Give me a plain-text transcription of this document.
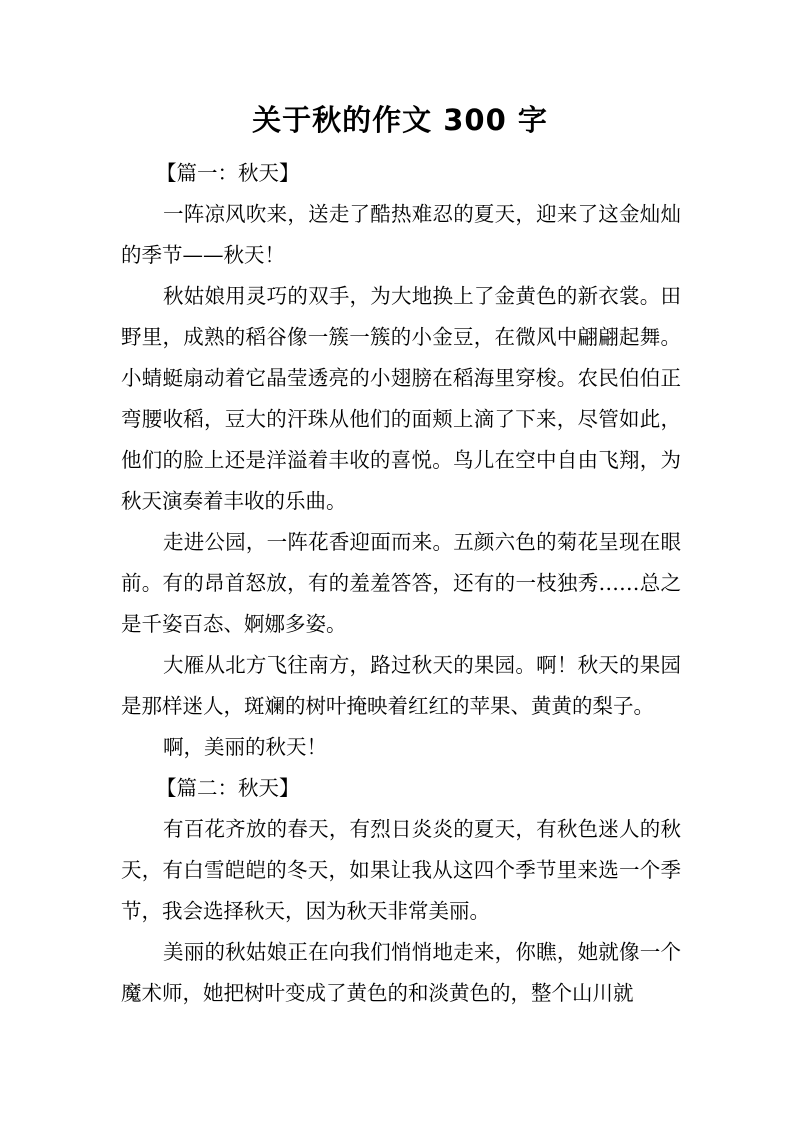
关于秋的作文 300 字

【篇一：秋天】

一阵凉风吹来，送走了酷热难忍的夏天，迎来了这金灿灿的季节——秋天！

秋姑娘用灵巧的双手，为大地换上了金黄色的新衣裳。田野里，成熟的稻谷像一簇一簇的小金豆，在微风中翩翩起舞。小蜻蜓扇动着它晶莹透亮的小翅膀在稻海里穿梭。农民伯伯正弯腰收稻，豆大的汗珠从他们的面颊上滴了下来，尽管如此，他们的脸上还是洋溢着丰收的喜悦。鸟儿在空中自由飞翔，为秋天演奏着丰收的乐曲。

走进公园，一阵花香迎面而来。五颜六色的菊花呈现在眼前。有的昂首怒放，有的羞羞答答，还有的一枝独秀……总之是千姿百态、婀娜多姿。

大雁从北方飞往南方，路过秋天的果园。啊！秋天的果园是那样迷人，斑斓的树叶掩映着红红的苹果、黄黄的梨子。

啊，美丽的秋天！

【篇二：秋天】

有百花齐放的春天，有烈日炎炎的夏天，有秋色迷人的秋天，有白雪皑皑的冬天，如果让我从这四个季节里来选一个季节，我会选择秋天，因为秋天非常美丽。

美丽的秋姑娘正在向我们悄悄地走来，你瞧，她就像一个魔术师，她把树叶变成了黄色的和淡黄色的，整个山川就
